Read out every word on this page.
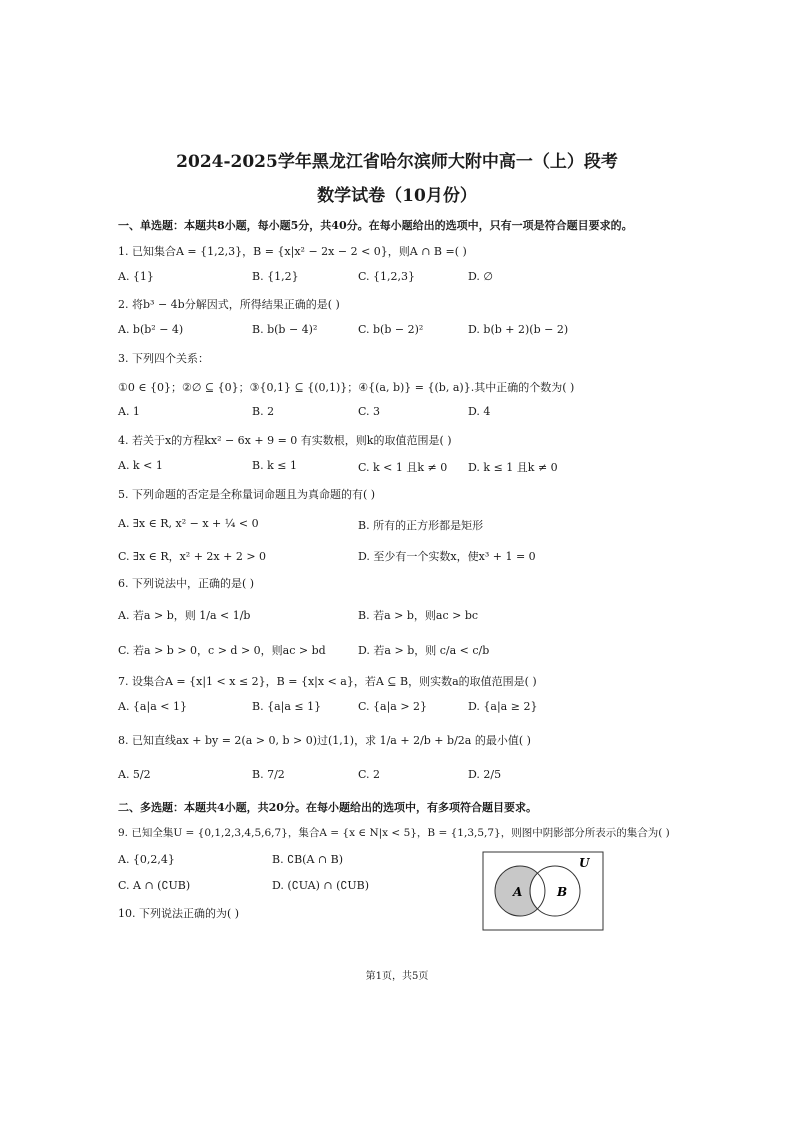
2024-2025学年黑龙江省哈尔滨师大附中高一（上）段考
数学试卷（10月份）
一、单选题：本题共8小题，每小题5分，共40分。在每小题给出的选项中，只有一项是符合题目要求的。
1. 已知集合A = {1,2,3}，B = {x|x² − 2x − 2 < 0}，则A ∩ B =( )
A. {1}	B. {1,2}	C. {1,2,3}	D. ∅
2. 将b³ − 4b分解因式，所得结果正确的是( )
A. b(b² − 4)	B. b(b − 4)²	C. b(b − 2)²	D. b(b + 2)(b − 2)
3. 下列四个关系：
①0 ∈ {0}；②∅ ⊆ {0}；③{0,1} ⊆ {(0,1)}；④{(a, b)} = {(b, a)}.其中正确的个数为( )
A. 1	B. 2	C. 3	D. 4
4. 若关于x的方程kx² − 6x + 9 = 0 有实数根，则k的取值范围是( )
A. k < 1	B. k ≤ 1	C. k < 1 且k ≠ 0 D. k ≤ 1 且k ≠ 0
5. 下列命题的否定是全称量词命题且为真命题的有( )
A. ∃x ∈ R, x² − x + ¼ < 0	B. 所有的正方形都是矩形
C. ∃x ∈ R，x² + 2x + 2 > 0	D. 至少有一个实数x，使x³ + 1 = 0
6. 下列说法中，正确的是( )
A. 若a > b，则 1/a < 1/b	B. 若a > b，则ac > bc
C. 若a > b > 0，c > d > 0，则ac > bd	D. 若a > b，则 c/a < c/b
7. 设集合A = {x|1 < x ≤ 2}，B = {x|x < a}，若A ⊆ B，则实数a的取值范围是( )
A. {a|a < 1}	B. {a|a ≤ 1}	C. {a|a > 2}	D. {a|a ≥ 2}
8. 已知直线ax + by = 2(a > 0, b > 0)过(1,1)，求 1/a + 2/b + b/2a 的最小值( )
A. 5/2	B. 7/2	C. 2	D. 2/5
二、多选题：本题共4小题，共20分。在每小题给出的选项中，有多项符合题目要求。
9. 已知全集U = {0,1,2,3,4,5,6,7}，集合A = {x ∈ N|x < 5}，B = {1,3,5,7}，则图中阴影部分所表示的集合为( )
A. {0,2,4}	B. ∁B(A ∩ B)
C. A ∩ (∁UB)	D. (∁UA) ∩ (∁UB)
U
A	B
10. 下列说法正确的为( )
第1页，共5页
